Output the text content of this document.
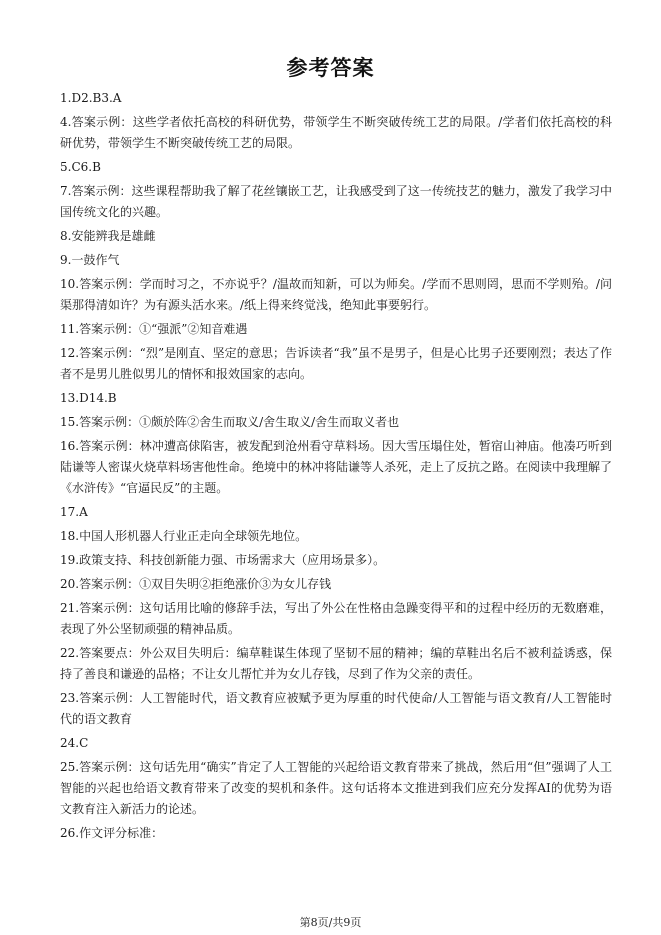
参考答案

1.D2.B3.A

4.答案示例：这些学者依托高校的科研优势，带领学生不断突破传统工艺的局限。/学者们依托高校的科研优势，带领学生不断突破传统工艺的局限。

5.C6.B

7.答案示例：这些课程帮助我了解了花丝镶嵌工艺，让我感受到了这一传统技艺的魅力，激发了我学习中国传统文化的兴趣。

8.安能辨我是雄雌

9.一鼓作气

10.答案示例：学而时习之，不亦说乎？/温故而知新，可以为师矣。/学而不思则罔，思而不学则殆。/问渠那得清如许？为有源头活水来。/纸上得来终觉浅，绝知此事要躬行。

11.答案示例：①“强派”②知音难遇

12.答案示例：“烈”是刚直、坚定的意思；告诉读者“我”虽不是男子，但是心比男子还要刚烈；表达了作者不是男儿胜似男儿的情怀和报效国家的志向。

13.D14.B

15.答案示例：①颇於阵②舍生而取义/舍生取义/舍生而取义者也

16.答案示例：林冲遭高俅陷害，被发配到沧州看守草料场。因大雪压塌住处，暂宿山神庙。他凑巧听到陆谦等人密谋火烧草料场害他性命。绝境中的林冲将陆谦等人杀死，走上了反抗之路。在阅读中我理解了《水浒传》“官逼民反”的主题。

17.A

18.中国人形机器人行业正走向全球领先地位。

19.政策支持、科技创新能力强、市场需求大（应用场景多）。

20.答案示例：①双目失明②拒绝涨价③为女儿存钱

21.答案示例：这句话用比喻的修辞手法，写出了外公在性格由急躁变得平和的过程中经历的无数磨难，表现了外公坚韧顽强的精神品质。

22.答案要点：外公双目失明后：编草鞋谋生体现了坚韧不屈的精神；编的草鞋出名后不被利益诱惑，保持了善良和谦逊的品格；不让女儿帮忙并为女儿存钱，尽到了作为父亲的责任。

23.答案示例：人工智能时代，语文教育应被赋予更为厚重的时代使命/人工智能与语文教育/人工智能时代的语文教育

24.C

25.答案示例：这句话先用“确实”肯定了人工智能的兴起给语文教育带来了挑战，然后用“但”强调了人工智能的兴起也给语文教育带来了改变的契机和条件。这句话将本文推进到我们应充分发挥AI的优势为语文教育注入新活力的论述。

26.作文评分标准：

第8页/共9页
